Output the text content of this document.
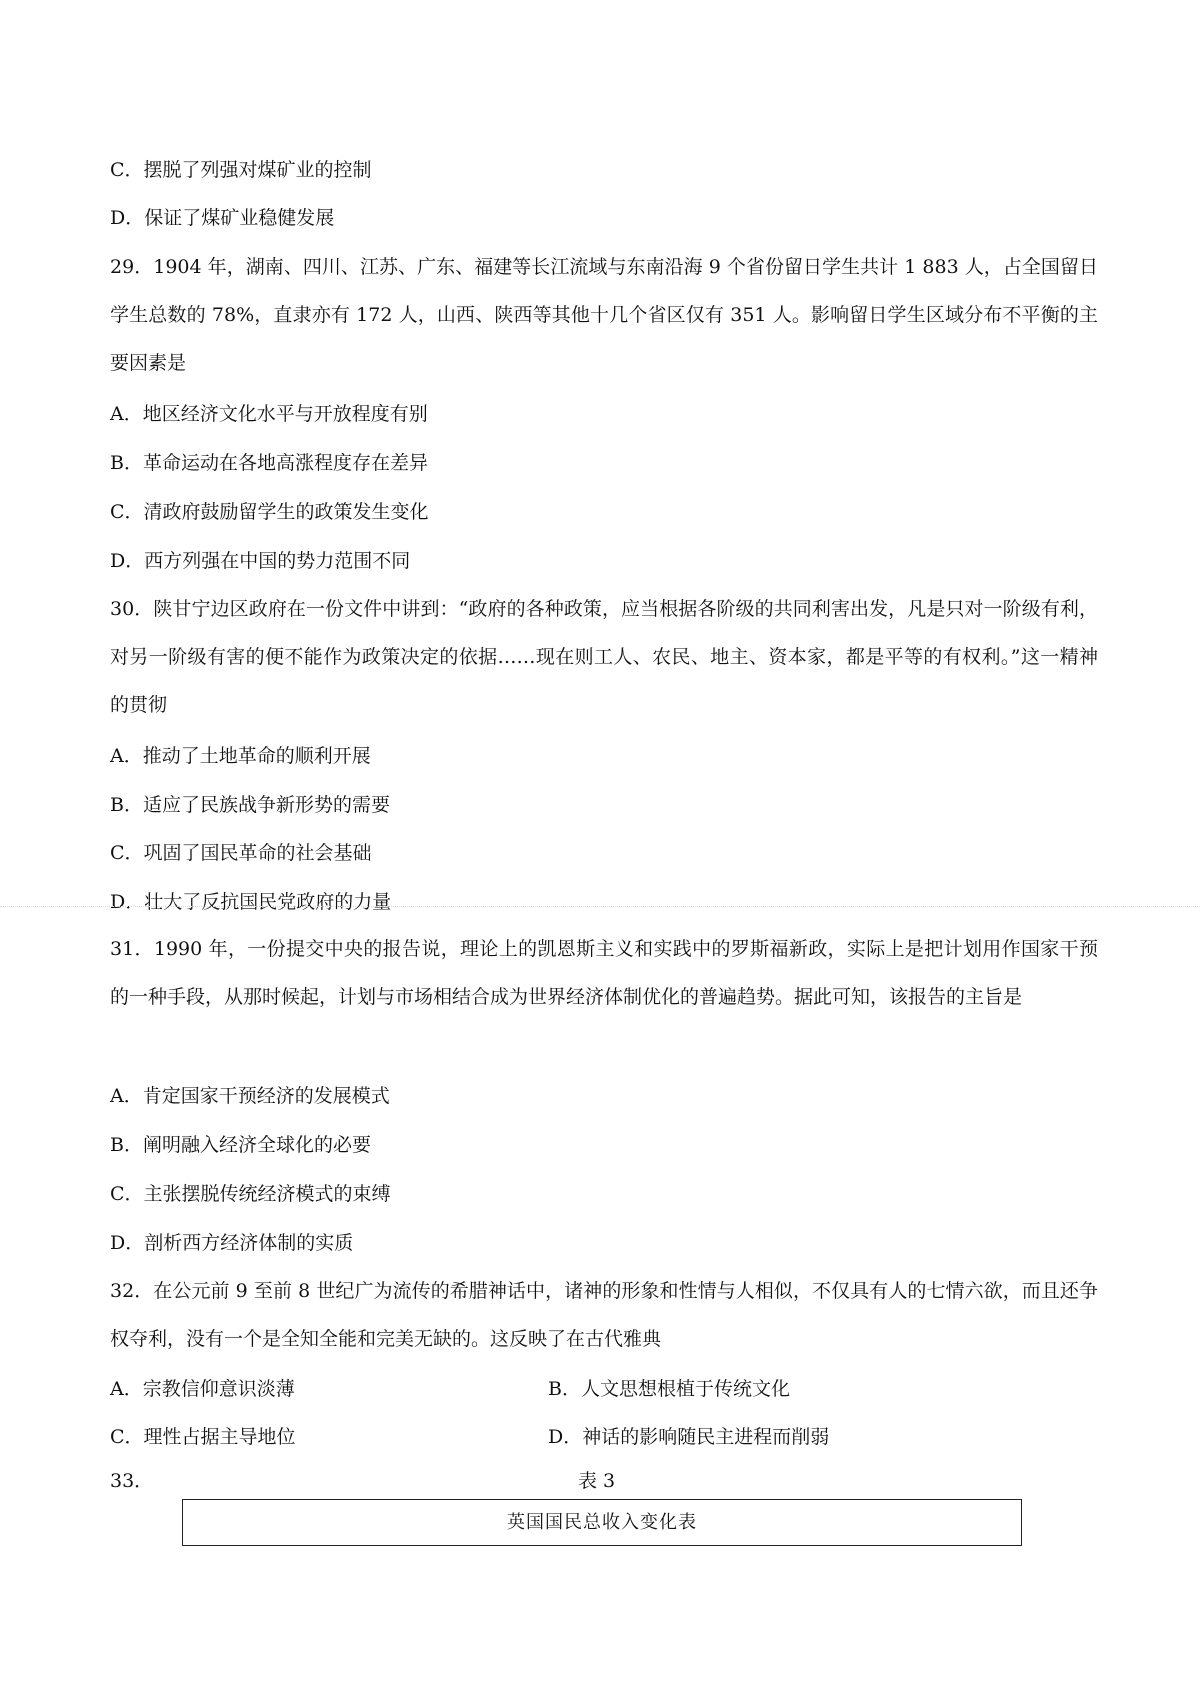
C．摆脱了列强对煤矿业的控制
D．保证了煤矿业稳健发展
29．1904 年，湖南、四川、江苏、广东、福建等长江流域与东南沿海 9 个省份留日学生共计 1 883 人，占全国留日学生总数的 78%，直隶亦有 172 人，山西、陕西等其他十几个省区仅有 351 人。影响留日学生区域分布不平衡的主要因素是
A．地区经济文化水平与开放程度有别
B．革命运动在各地高涨程度存在差异
C．清政府鼓励留学生的政策发生变化
D．西方列强在中国的势力范围不同
30．陕甘宁边区政府在一份文件中讲到：“政府的各种政策，应当根据各阶级的共同利害出发，凡是只对一阶级有利，对另一阶级有害的便不能作为政策决定的依据……现在则工人、农民、地主、资本家，都是平等的有权利。”这一精神的贯彻
A．推动了土地革命的顺利开展
B．适应了民族战争新形势的需要
C．巩固了国民革命的社会基础
D．壮大了反抗国民党政府的力量
31．1990 年，一份提交中央的报告说，理论上的凯恩斯主义和实践中的罗斯福新政，实际上是把计划用作国家干预的一种手段，从那时候起，计划与市场相结合成为世界经济体制优化的普遍趋势。据此可知，该报告的主旨是
A．肯定国家干预经济的发展模式
B．阐明融入经济全球化的必要
C．主张摆脱传统经济模式的束缚
D．剖析西方经济体制的实质
32．在公元前 9 至前 8 世纪广为流传的希腊神话中，诸神的形象和性情与人相似，不仅具有人的七情六欲，而且还争权夺利，没有一个是全知全能和完美无缺的。这反映了在古代雅典
A．宗教信仰意识淡薄	B．人文思想根植于传统文化
C．理性占据主导地位	D．神话的影响随民主进程而削弱
33．	表 3
英国国民总收入变化表
